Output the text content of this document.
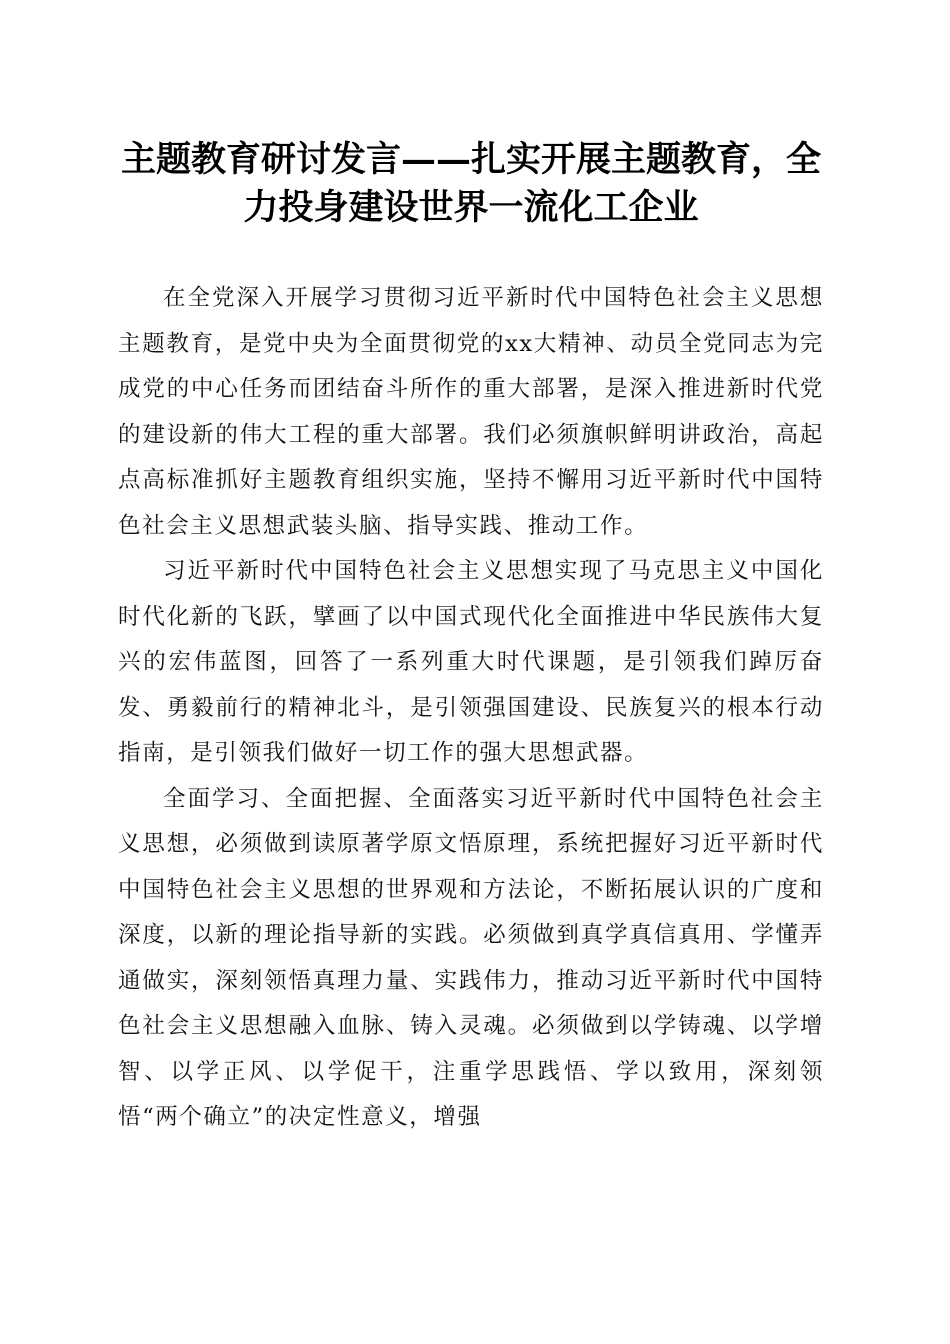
主题教育研讨发言——扎实开展主题教育，全力投身建设世界一流化工企业

在全党深入开展学习贯彻习近平新时代中国特色社会主义思想主题教育，是党中央为全面贯彻党的xx大精神、动员全党同志为完成党的中心任务而团结奋斗所作的重大部署，是深入推进新时代党的建设新的伟大工程的重大部署。我们必须旗帜鲜明讲政治，高起点高标准抓好主题教育组织实施，坚持不懈用习近平新时代中国特色社会主义思想武装头脑、指导实践、推动工作。

习近平新时代中国特色社会主义思想实现了马克思主义中国化时代化新的飞跃，擘画了以中国式现代化全面推进中华民族伟大复兴的宏伟蓝图，回答了一系列重大时代课题，是引领我们踔厉奋发、勇毅前行的精神北斗，是引领强国建设、民族复兴的根本行动指南，是引领我们做好一切工作的强大思想武器。

全面学习、全面把握、全面落实习近平新时代中国特色社会主义思想，必须做到读原著学原文悟原理，系统把握好习近平新时代中国特色社会主义思想的世界观和方法论，不断拓展认识的广度和深度，以新的理论指导新的实践。必须做到真学真信真用、学懂弄通做实，深刻领悟真理力量、实践伟力，推动习近平新时代中国特色社会主义思想融入血脉、铸入灵魂。必须做到以学铸魂、以学增智、以学正风、以学促干，注重学思践悟、学以致用，深刻领悟“两个确立”的决定性意义，增强
